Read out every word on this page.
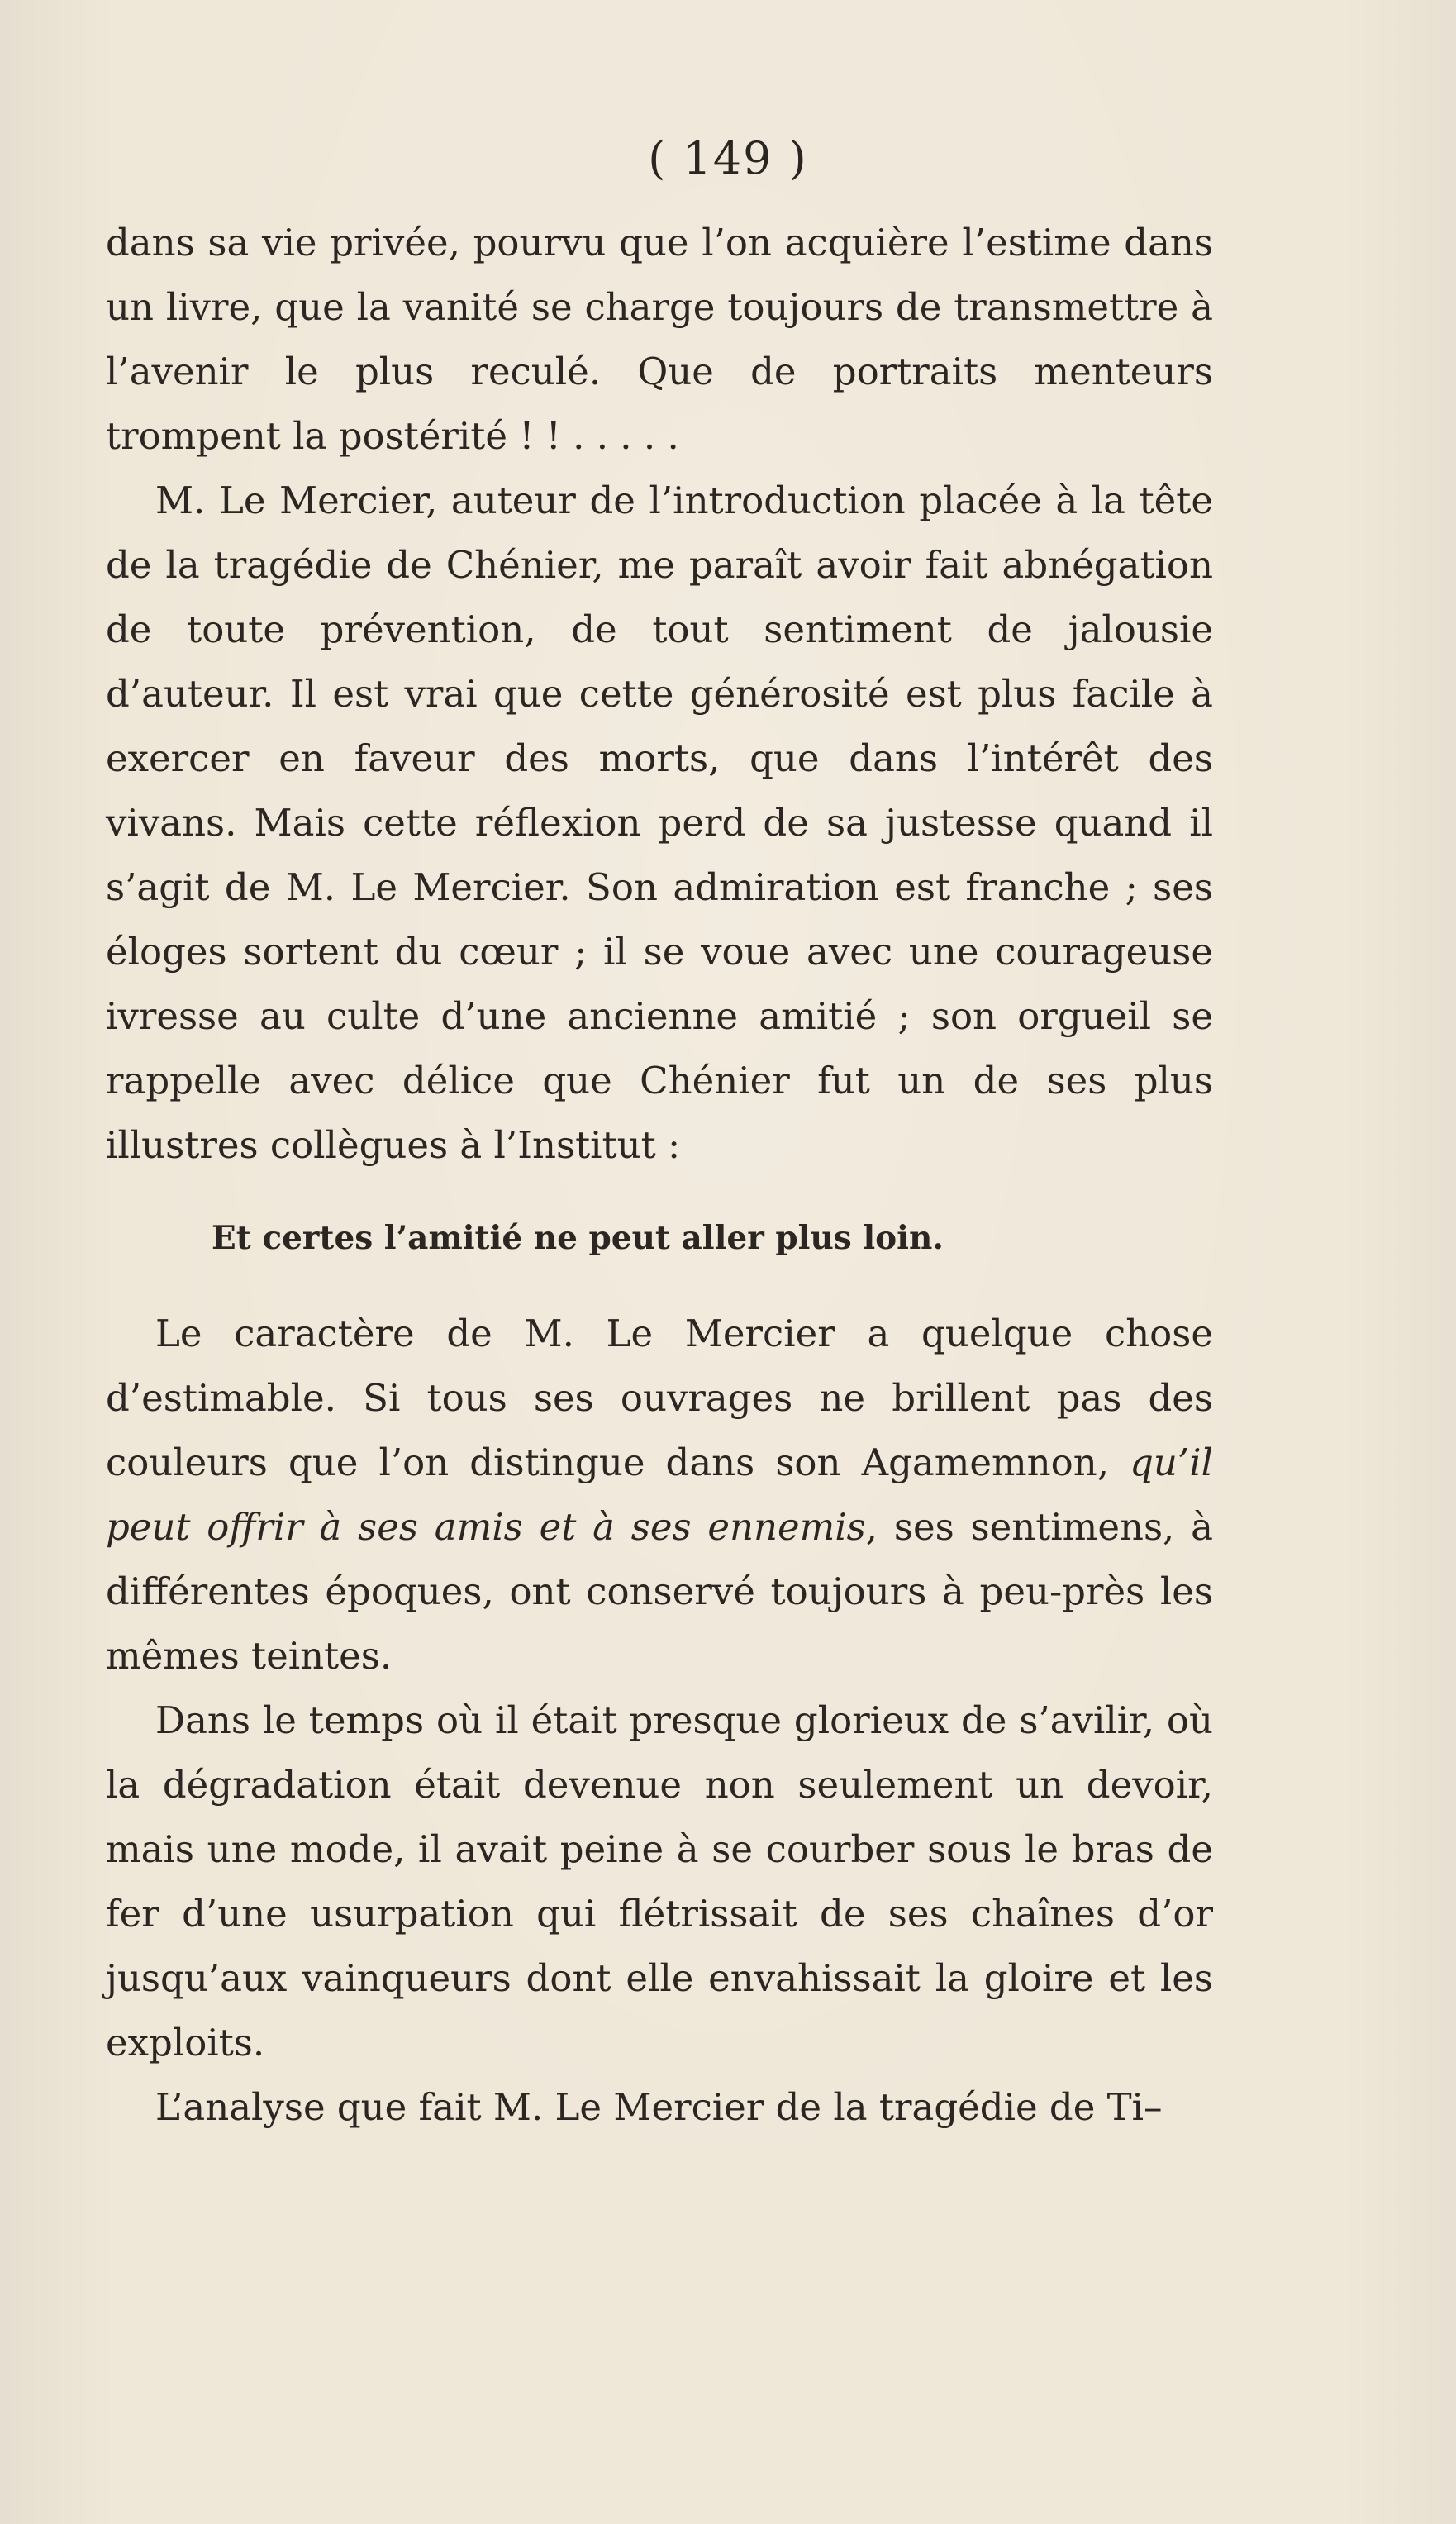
( 149 )

dans sa vie privée, pourvu que l’on acquière l’estime dans un livre, que la vanité se charge toujours de transmettre à l’avenir le plus reculé. Que de portraits menteurs trompent la postérité ! ! . . . . .

M. Le Mercier, auteur de l’introduction placée à la tête de la tragédie de Chénier, me paraît avoir fait abnégation de toute prévention, de tout sentiment de jalousie d’auteur. Il est vrai que cette générosité est plus facile à exercer en faveur des morts, que dans l’intérêt des vivans. Mais cette réflexion perd de sa justesse quand il s’agit de M. Le Mercier. Son admiration est franche ; ses éloges sortent du cœur ; il se voue avec une courageuse ivresse au culte d’une ancienne amitié ; son orgueil se rappelle avec délice que Chénier fut un de ses plus illustres collègues à l’Institut :

Et certes l’amitié ne peut aller plus loin.

Le caractère de M. Le Mercier a quelque chose d’estimable. Si tous ses ouvrages ne brillent pas des couleurs que l’on distingue dans son Agamemnon, qu’il peut offrir à ses amis et à ses ennemis, ses sentimens, à différentes époques, ont conservé toujours à peu-près les mêmes teintes.

Dans le temps où il était presque glorieux de s’avilir, où la dégradation était devenue non seulement un devoir, mais une mode, il avait peine à se courber sous le bras de fer d’une usurpation qui flétrissait de ses chaînes d’or jusqu’aux vainqueurs dont elle envahissait la gloire et les exploits.

L’analyse que fait M. Le Mercier de la tragédie de Ti–
